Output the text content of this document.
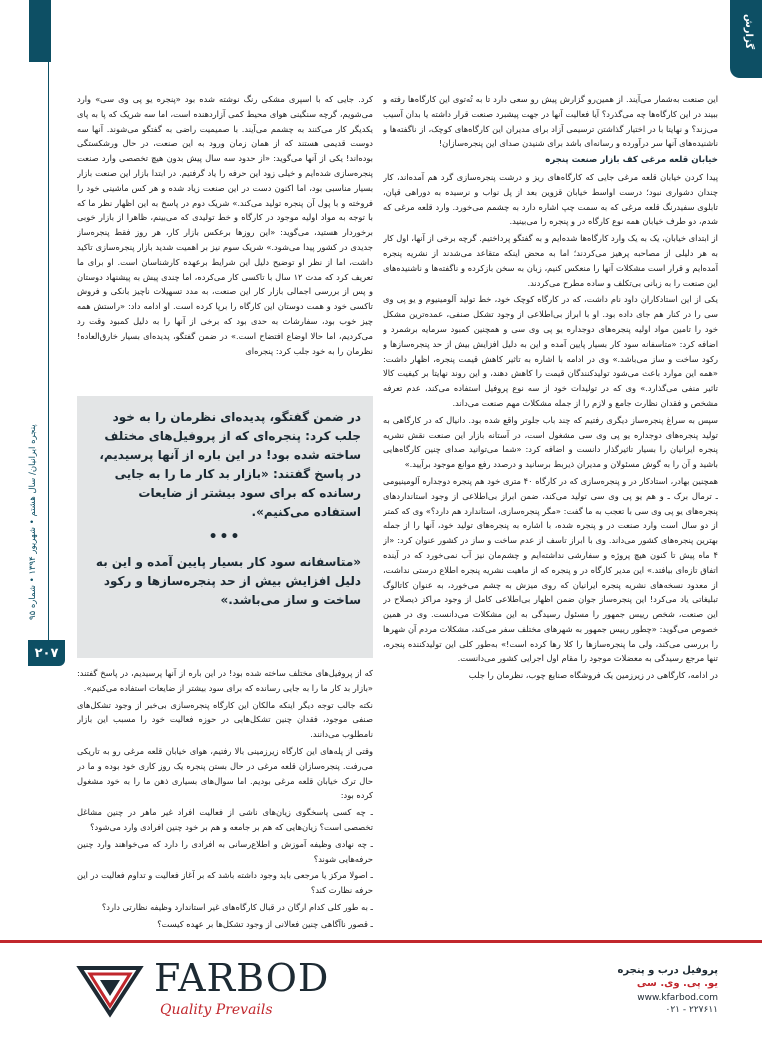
گزارش
پنجره ایرانیان/ سال هشتم • شهریور ۱۳۹۴ • شماره ۹۵
۲۰۷

این صنعت به‌شمار می‌آیند. از همین‌رو گزارش پیش رو سعی دارد تا به تُه‌توی این کارگاه‌ها رفته و ببیند در این کارگاه‌ها چه می‌گذرد؟ آیا فعالیت آنها در جهت پیشبرد صنعت قرار داشته یا بدان آسیب می‌زند؟ و نهایتا با در اختیار گذاشتن ترسیمی آزاد برای مدیران این کارگاه‌های کوچک، از ناگفته‌ها و ناشنیده‌های آنها سر درآورده و رسانه‌ای باشد برای شنیدن صدای این پنجره‌سازان!

خیابان قلعه مرغی کف بازار صنعت پنجره

پیدا کردن خیابان قلعه مرغی جایی که کارگاه‌های ریز و درشت پنجره‌سازی گرد هم آمده‌اند، کار چندان دشواری نبود؛ درست اواسط خیابان قزوین بعد از پل نواب و نرسیده به دوراهی قپان، تابلوی سفیدرنگ قلعه مرغی که به سمت چپ اشاره دارد به چشمم می‌خورد. وارد قلعه مرغی که شدم، دو طرف خیابان همه نوع کارگاه در و پنجره را می‌بینید.

از ابتدای خیابان، یک به یک وارد کارگاه‌ها شده‌ایم و به گفتگو پرداختیم. گرچه برخی از آنها، اول کار به هر دلیلی از مصاحبه پرهیز می‌کردند؛ اما به محض اینکه متقاعد می‌شدند از نشریه پنجره آمده‌ایم و قرار است مشکلات آنها را منعکس کنیم، زبان به سخن بازکرده و ناگفته‌ها و ناشنیده‌های این صنعت را به زبانی بی‌تکلف و ساده مطرح می‌کردند.

یکی از این استادکاران داود نام داشت، که در کارگاه کوچک خود، خط تولید آلومینیوم و یو پی وی سی را در کنار هم جای داده بود. او با ابراز بی‌اطلاعی از وجود تشکل صنفی، عمده‌ترین مشکل خود را تامین مواد اولیه پنجره‌های دوجداره یو پی وی سی و همچنین کمبود سرمایه برشمرد و اضافه کرد: «متاسفانه سود کار بسیار پایین آمده و این به دلیل افزایش بیش از حد پنجره‌سازها و رکود ساخت و ساز می‌باشد.» وی در ادامه با اشاره به تاثیر کاهش قیمت پنجره، اظهار داشت: «همه این موارد باعث می‌شود تولیدکنندگان قیمت را کاهش دهند، و این روند نهایتا بر کیفیت کالا تاثیر منفی می‌گذارد.» وی که در تولیدات خود از سه نوع پروفیل استفاده می‌کند، عدم تعرفه مشخص و فقدان نظارت جامع و لازم را از جمله مشکلات مهم صنعت می‌داند.

سپس به سراغ پنجره‌ساز دیگری رفتیم که چند باب جلوتر واقع شده بود. دانیال که در کارگاهی به تولید پنجره‌های دوجداره یو پی وی سی مشغول است، در آستانه بازار این صنعت نقش نشریه پنجره ایرانیان را بسیار تاثیرگذار دانست و اضافه کرد: «شما می‌توانید صدای چنین کارگاه‌هایی باشید و آن را به گوش مسئولان و مدیران ذیربط برسانید و درصدد رفع موانع موجود برآیید.»

همچنین بهادر، استادکار در و پنجره‌سازی که در کارگاه ۴۰ متری خود هم پنجره دوجداره آلومینیومی ـ ترمال برک ـ و هم یو پی وی سی تولید می‌کند، ضمن ابراز بی‌اطلاعی از وجود استانداردهای پنجره‌های یو پی وی سی با تعجب به ما گفت: «مگر پنجره‌سازی، استاندارد هم دارد؟» وی که کمتر از دو سال است وارد صنعت در و پنجره شده، با اشاره به پنجره‌های تولید خود، آنها را از جمله بهترین پنجره‌های کشور می‌داند. وی با ابراز تاسف از عدم ساخت و ساز در کشور عنوان کرد: «از ۴ ماه پیش تا کنون هیچ پروژه و سفارشی نداشته‌ایم و چشم‌مان نیز آب نمی‌خورد که در آینده اتفاق تازه‌ای بیافتد.» این مدیر کارگاه در و پنجره که از ماهیت نشریه پنجره اطلاع درستی نداشت، از معدود نسخه‌های نشریه پنجره ایرانیان که روی میزش به چشم می‌خورد، به عنوان کاتالوگ تبلیغاتی یاد می‌کرد! این پنجره‌ساز جوان ضمن اظهار بی‌اطلاعی کامل از وجود مراکز ذیصلاح در این صنعت، شخص رییس جمهور را مسئول رسیدگی به این مشکلات می‌دانست. وی در همین خصوص می‌گوید: «چطور رییس جمهور به شهرهای مختلف سفر می‌کند، مشکلات مردم آن شهرها را بررسی می‌کند، ولی ما پنجره‌سازها را کلا رها کرده است!» به‌طور کلی این تولیدکننده پنجره، تنها مرجع رسیدگی به معضلات موجود را مقام اول اجرایی کشور می‌دانست.

در ادامه، کارگاهی در زیرزمین یک فروشگاه صنایع چوب، نظرمان را جلب

کرد. جایی که با اسپری مشکی رنگ نوشته شده بود «پنجره یو پی وی سی» وارد می‌شویم، گرچه سنگینی هوای محیط کمی آزاردهنده است، اما سه شریک که پا به پای یکدیگر کار می‌کنند به چشمم می‌آیند. با صمیمیت راضی به گفتگو می‌شوند. آنها سه دوست قدیمی هستند که از همان زمان ورود به این صنعت، در حال ورشکستگی بوده‌اند! یکی از آنها می‌گوید: «از حدود سه سال پیش بدون هیچ تخصصی وارد صنعت پنجره‌سازی شده‌ایم و خیلی زود این حرفه را یاد گرفتیم. در ابتدا بازار این صنعت بازار بسیار مناسبی بود، اما اکنون دست در این صنعت زیاد شده و هر کس ماشینی خود را فروخته و با پول آن پنجره تولید می‌کند.» شریک دوم در پاسخ به این اظهار نظر ما که با توجه به مواد اولیه موجود در کارگاه و خط تولیدی که می‌بینم، ظاهرا از بازار خوبی برخوردار هستید، می‌گوید: «این روزها برعکس بازار کار، هر روز فقط پنجره‌ساز جدیدی در کشور پیدا می‌شود.» شریک سوم نیز بر اهمیت شدید بازار پنجره‌سازی تاکید داشت، اما از نظر او توضیح دلیل این شرایط برعهده کارشناسان است. او برای ما تعریف کرد که مدت ۱۲ سال با تاکسی کار می‌کرده، اما چندی پیش به پیشنهاد دوستان و پس از بررسی اجمالی بازار کار این صنعت، به مدد تسهیلات ناچیز بانکی و فروش تاکسی خود و همت دوستان این کارگاه را برپا کرده است. او ادامه داد: «راستش همه چیز خوب بود، سفارشات به حدی بود که برخی از آنها را به دلیل کمبود وقت رد می‌کردیم، اما حالا اوضاع افتضاح است.» در ضمن گفتگو، پدیده‌ای بسیار خارق‌العاده! نظرمان را به خود جلب کرد: پنجره‌ای

در ضمن گفتگو، پدیده‌ای نظرمان را به خود جلب کرد: پنجره‌ای که از پروفیل‌های مختلف ساخته شده بود! در این باره از آنها پرسیدیم، در پاسخ گفتند: «بازار بد کار ما را به جایی رسانده که برای سود بیشتر از ضایعات استفاده می‌کنیم».

•••

«متاسفانه سود کار بسیار پایین آمده و این به دلیل افزایش بیش از حد پنجره‌سازها و رکود ساخت و ساز می‌باشد.»

که از پروفیل‌های مختلف ساخته شده بود! در این باره از آنها پرسیدیم، در پاسخ گفتند: «بازار بد کار ما را به جایی رسانده که برای سود بیشتر از ضایعات استفاده می‌کنیم».

نکته جالب توجه دیگر اینکه مالکان این کارگاه پنجره‌سازی بی‌خبر از وجود تشکل‌های صنفی موجود، فقدان چنین تشکل‌هایی در حوزه فعالیت خود را مسبب این بازار نامطلوب می‌دانند.

وقتی از پله‌های این کارگاه زیرزمینی بالا رفتیم، هوای خیابان قلعه مرغی رو به تاریکی می‌رفت. پنجره‌سازان قلعه مرغی در حال بستن پنجره یک روز کاری خود بوده و ما در حال ترک خیابان قلعه مرغی بودیم. اما سوال‌های بسیاری ذهن ما را به خود مشغول کرده بود:

ـ چه کسی پاسخگوی زیان‌های ناشی از فعالیت افراد غیر ماهر در چنین مشاغل تخصصی است؟ زیان‌هایی که هم بر جامعه و هم بر خود چنین افرادی وارد می‌شود؟

ـ چه نهادی وظیفه آموزش و اطلاع‌رسانی به افرادی را دارد که می‌خواهند وارد چنین حرفه‌هایی شوند؟

ـ اصولا مرکز یا مرجعی باید وجود داشته باشد که بر آغاز فعالیت و تداوم فعالیت در این حرفه نظارت کند؟

ـ به طور کلی کدام ارگان در قبال کارگاه‌های غیر استاندارد وظیفه نظارتی دارد؟

ـ قصور ناآگاهی چنین فعالانی از وجود تشکل‌ها بر عهده کیست؟

FARBOD
Quality Prevails
پروفیل درب و پنجره
یو. پی. وی. سی
www.kfarbod.com
۰۲۱ - ۲۲۷۶۱۱
